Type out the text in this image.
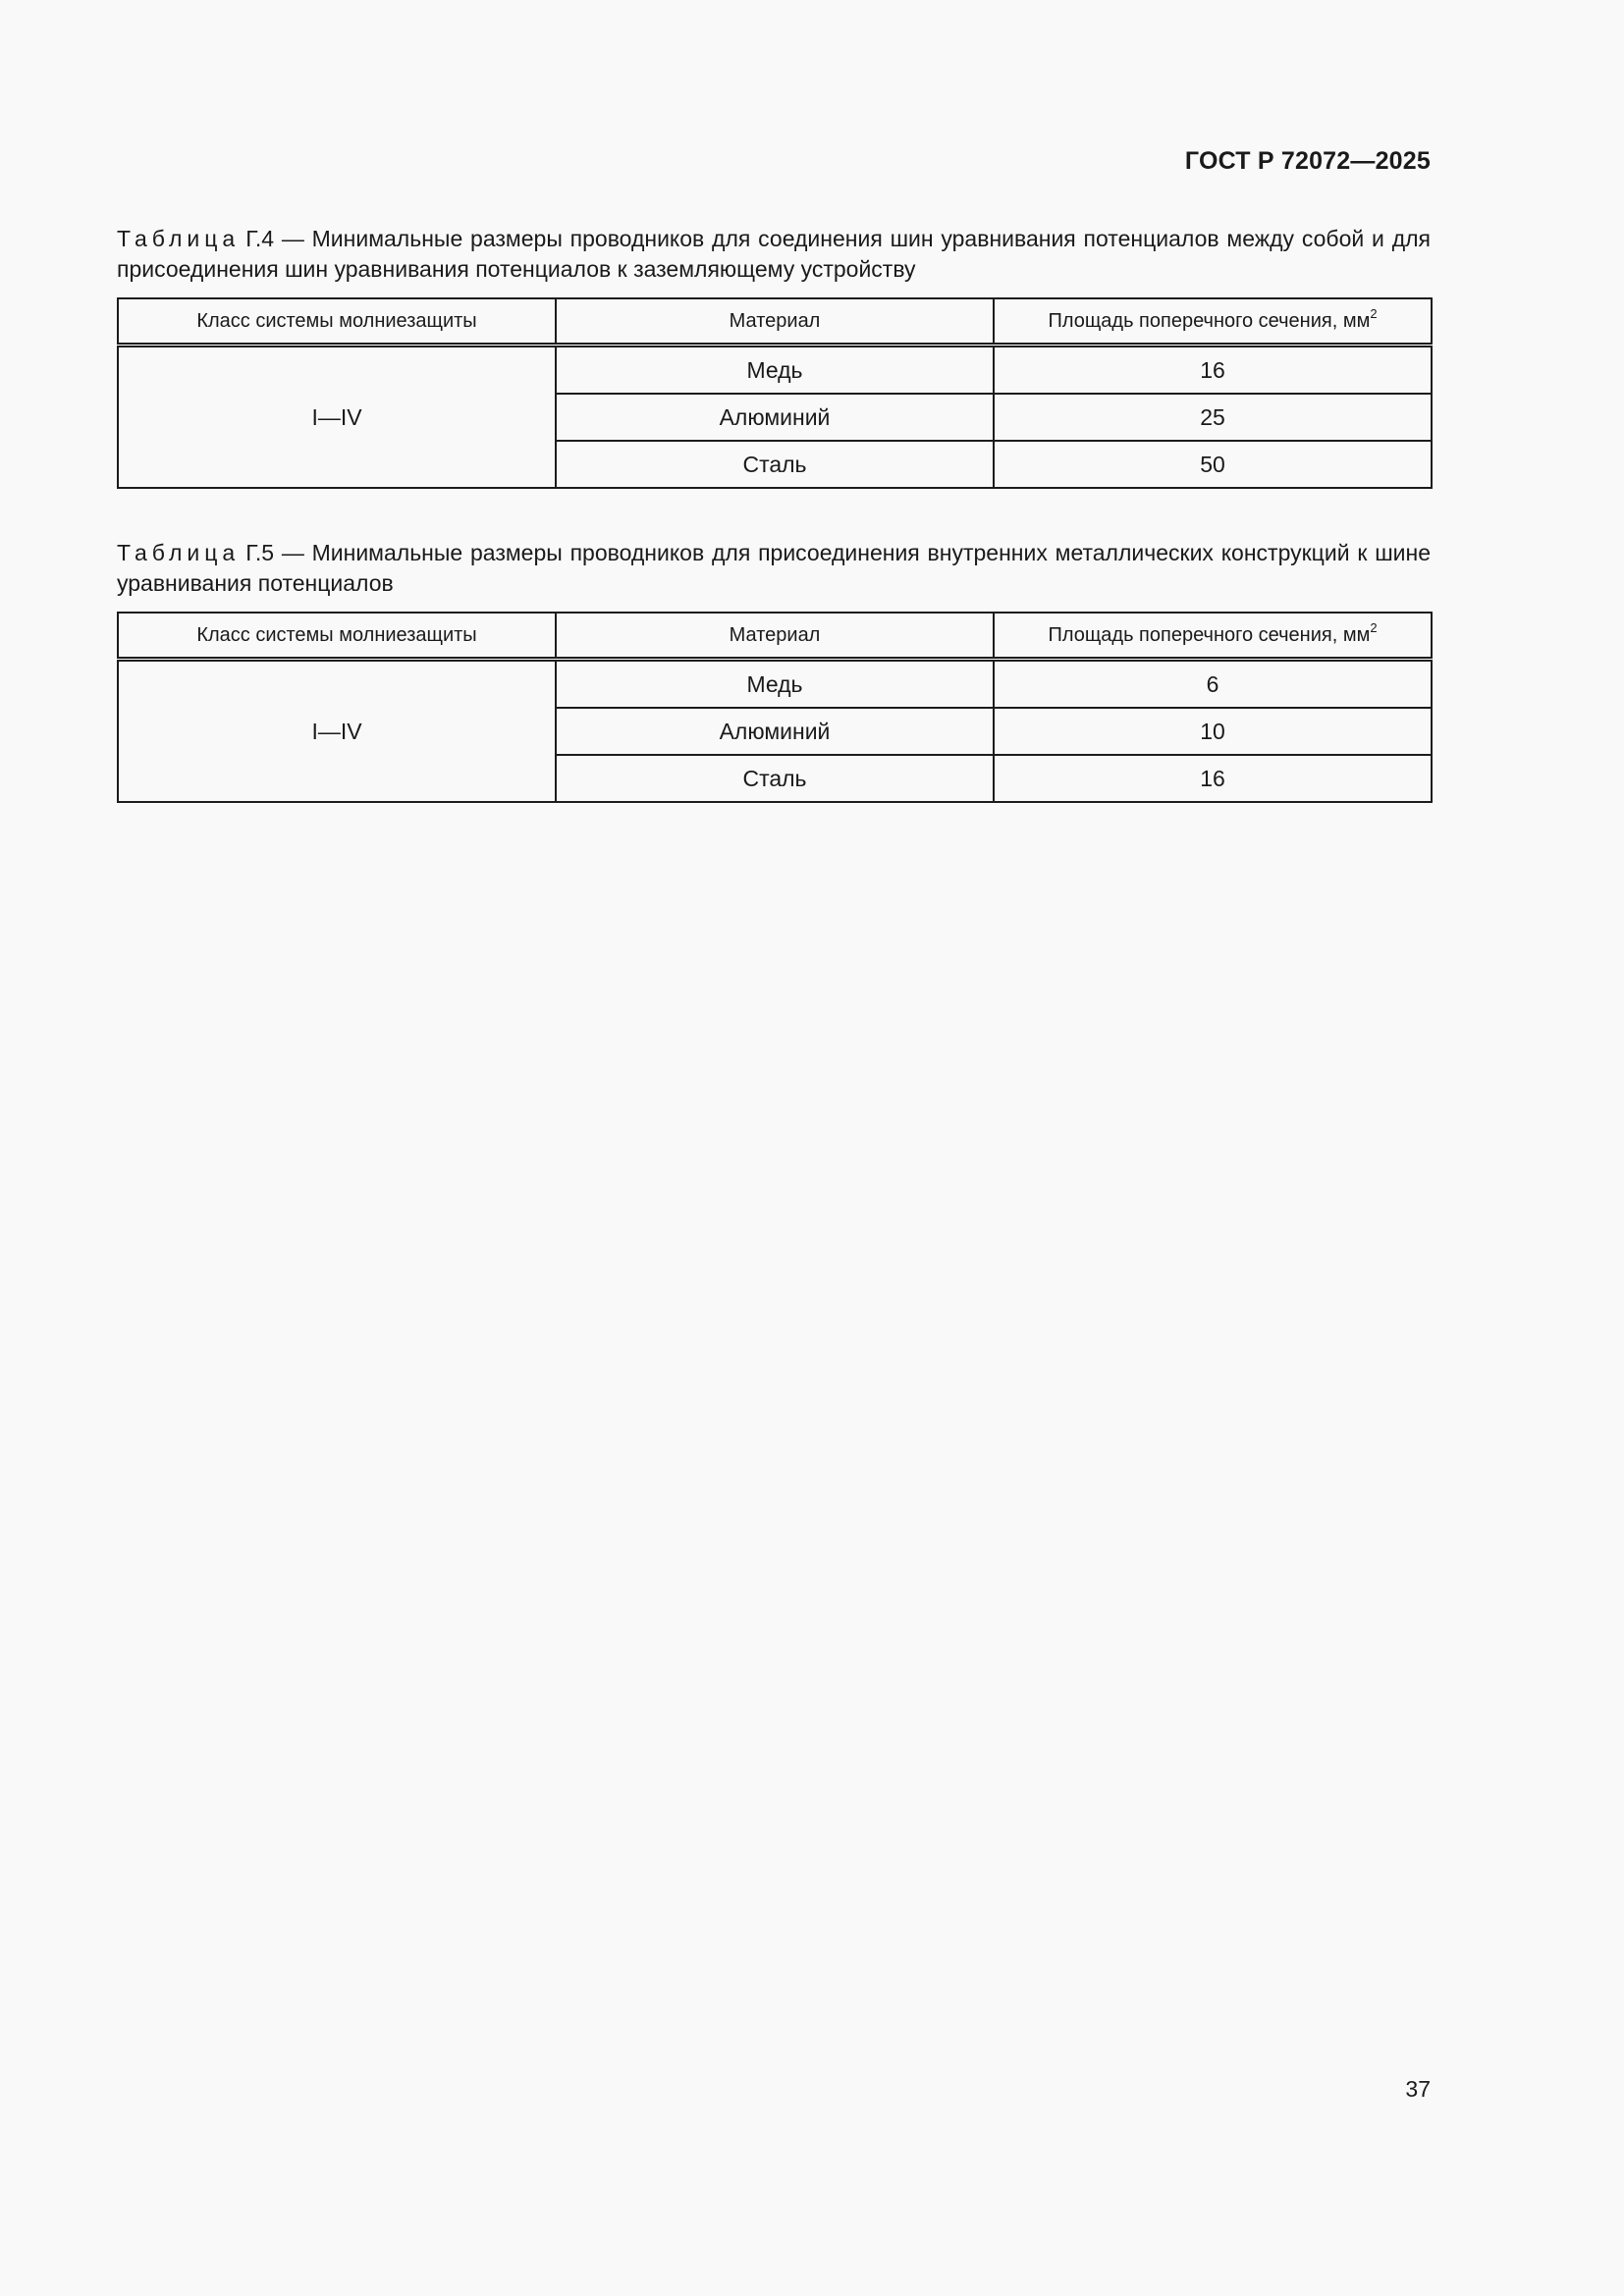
ГОСТ Р 72072—2025
Таблица Г.4 — Минимальные размеры проводников для соединения шин уравнивания потенциалов между собой и для присоединения шин уравнивания потенциалов к заземляющему устройству
Класс системы молниезащиты	Материал	Площадь поперечного сечения, $мм^2$
I—IV	Медь	16
	Алюминий	25
	Сталь	50
Таблица Г.5 — Минимальные размеры проводников для присоединения внутренних металлических конструкций к шине уравнивания потенциалов
Класс системы молниезащиты	Материал	Площадь поперечного сечения, $мм^2$
I—IV	Медь	6
	Алюминий	10
	Сталь	16
37
